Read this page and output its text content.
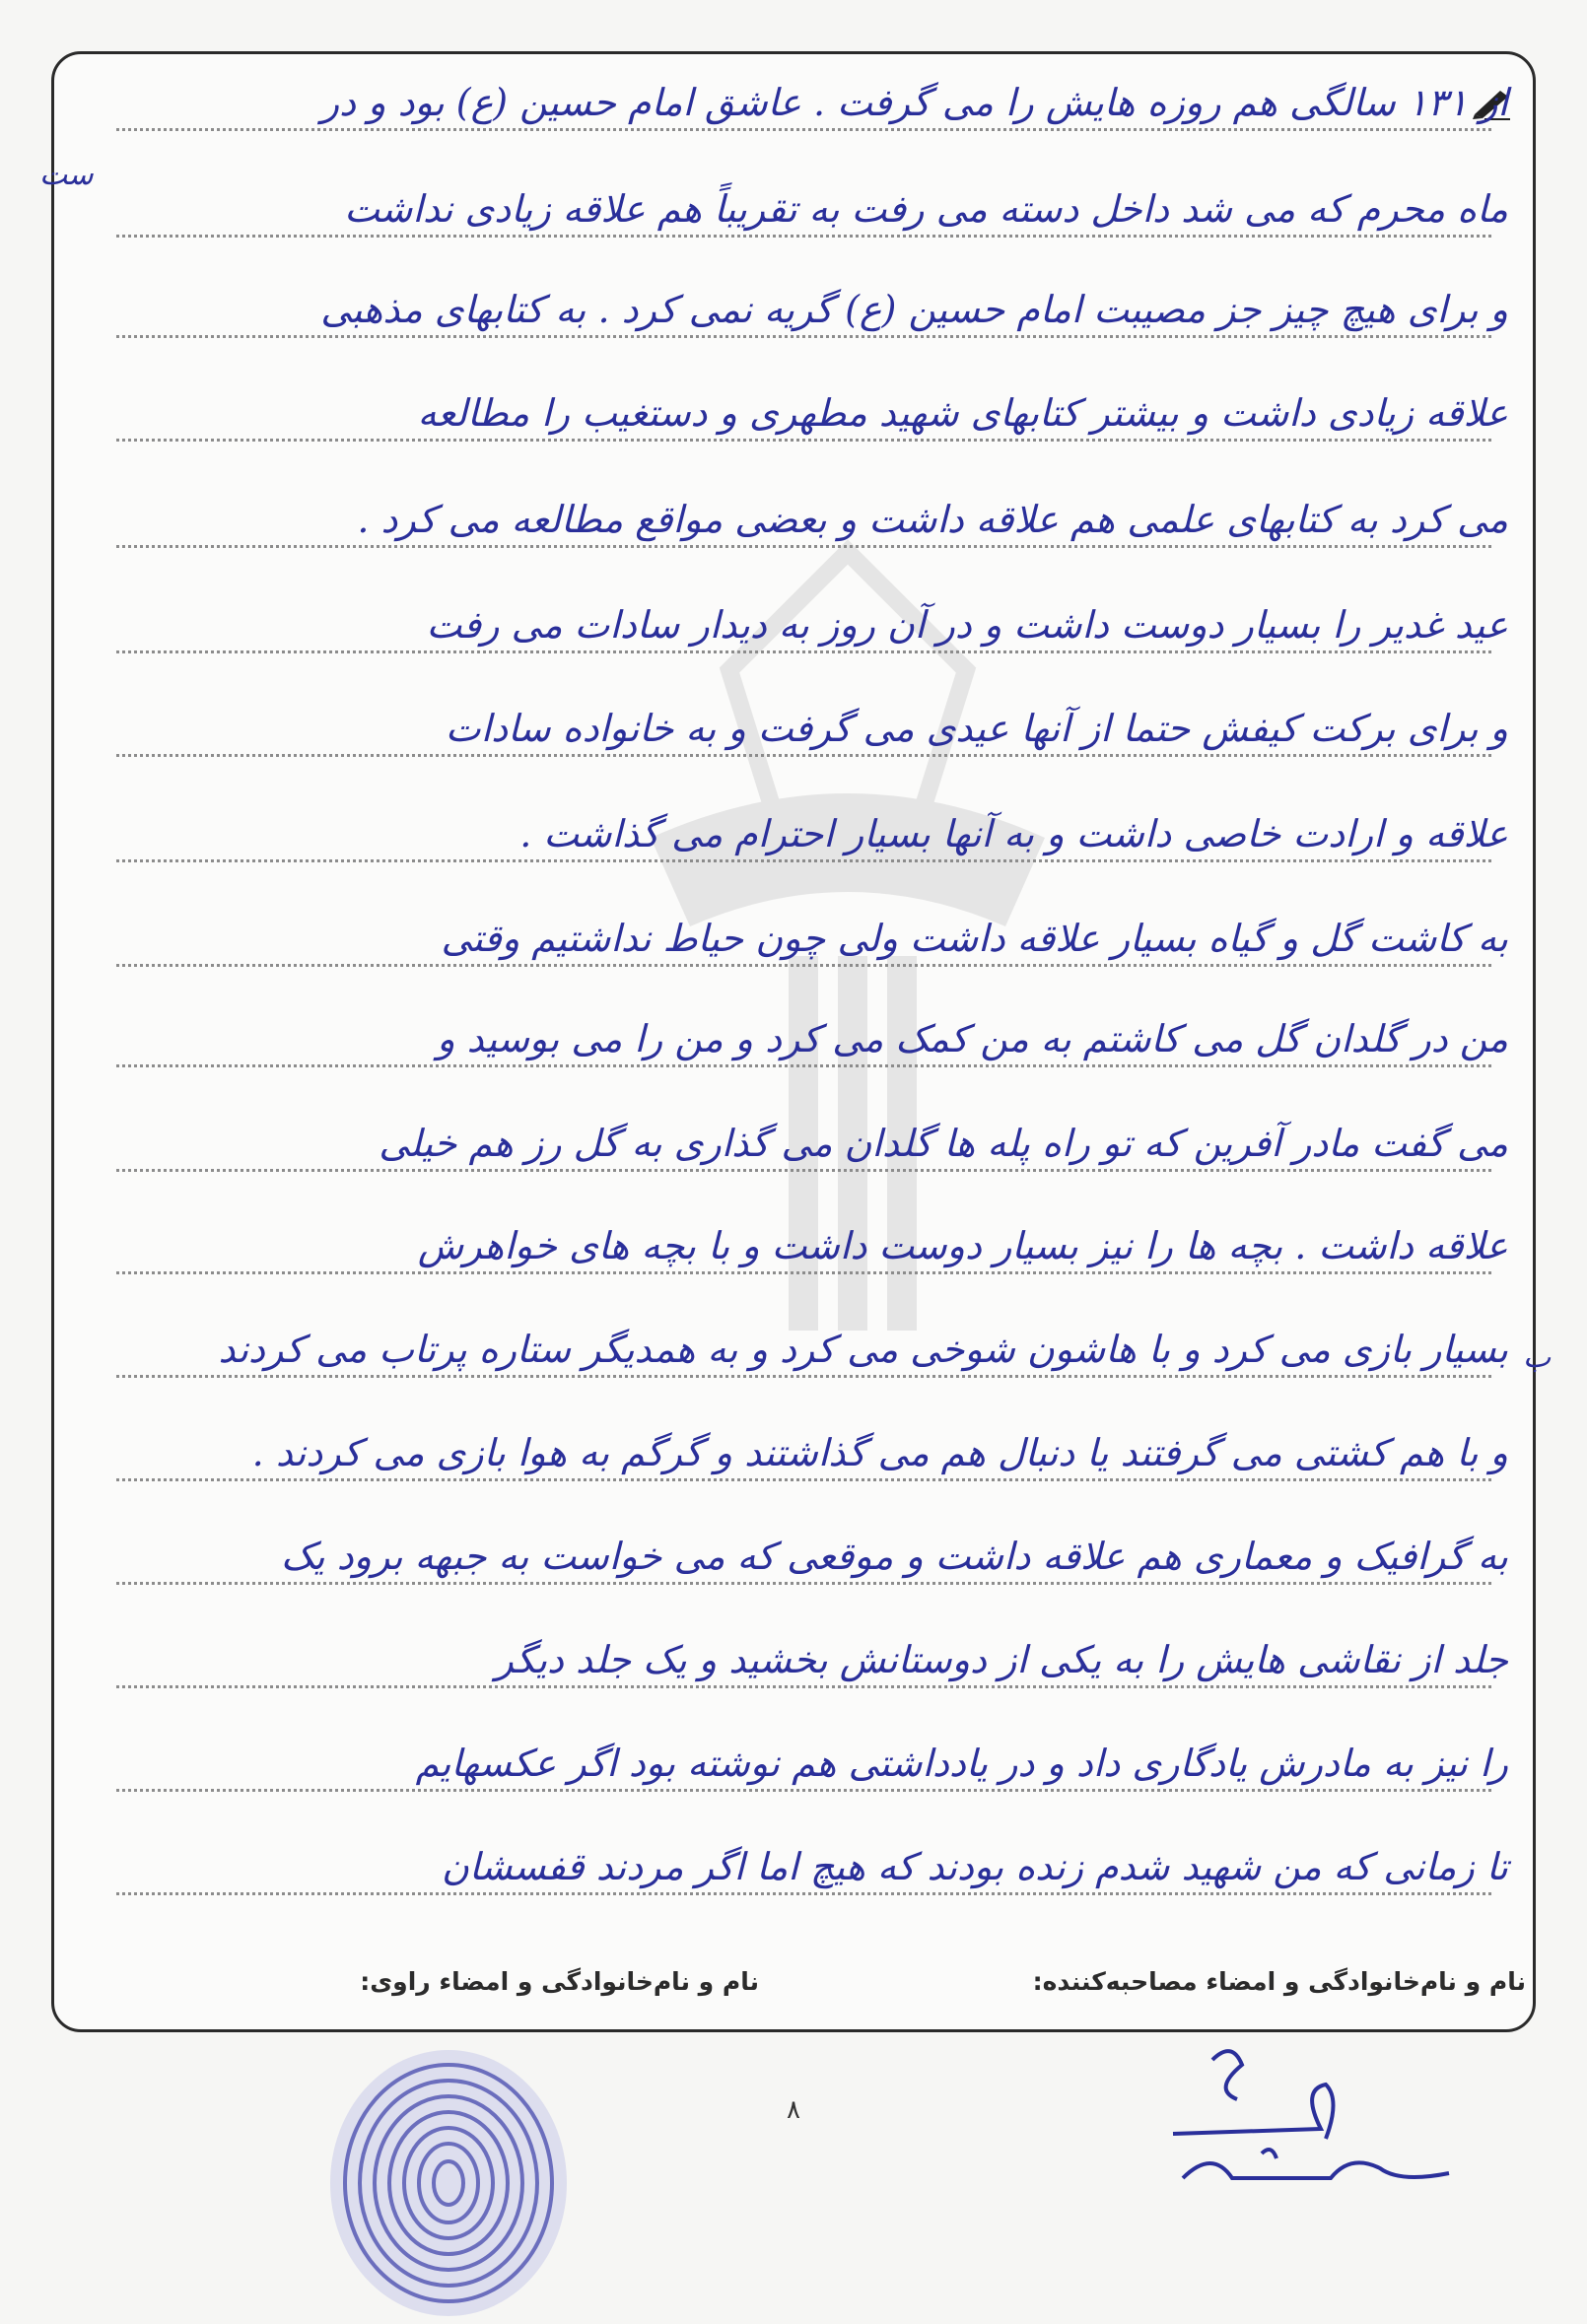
از ۱۳۱ سالگی هم روزه هایش را می گرفت . عاشق امام حسین (ع) بود و در
ماه محرم که می شد داخل دسته می رفت به تقریباً هم علاقه زیادی نداشت
و برای هیچ چیز جز مصیبت امام حسین (ع) گریه نمی کرد . به کتابهای مذهبی
علاقه زیادی داشت و بیشتر کتابهای شهید مطهری و دستغیب را مطالعه
می کرد به کتابهای علمی هم علاقه داشت و بعضی مواقع مطالعه می کرد .
عید غدیر را بسیار دوست داشت و در آن روز به دیدار سادات می رفت
و برای برکت کیفش حتما از آنها عیدی می گرفت و به خانواده سادات
علاقه و ارادت خاصی داشت و به آنها بسیار احترام می گذاشت .
به کاشت گل و گیاه بسیار علاقه داشت ولی چون حیاط نداشتیم وقتی
من در گلدان گل می کاشتم به من کمک می کرد و من را می بوسید و
می گفت مادر آفرین که تو راه پله ها گلدان می گذاری به گل رز هم خیلی
علاقه داشت . بچه ها را نیز بسیار دوست داشت و با بچه های خواهرش
بسیار بازی می کرد و با هاشون شوخی می کرد و به همدیگر ستاره پرتاب می کردند
و با هم کشتی می گرفتند یا دنبال هم می گذاشتند و گرگم به هوا بازی می کردند .
به گرافیک و معماری هم علاقه داشت و موقعی که می خواست به جبهه برود یک
جلد از نقاشی هایش را به یکی از دوستانش بخشید و یک جلد دیگر
را نیز به مادرش یادگاری داد و در یادداشتی هم نوشته بود اگر عکسهایم
تا زمانی که من شهید شدم زنده بودند که هیچ اما اگر مردند قفسشان
ست
ب
نام و نام‌خانوادگی و امضاء مصاحبه‌کننده:
نام و نام‌خانوادگی و امضاء راوی:
۸
